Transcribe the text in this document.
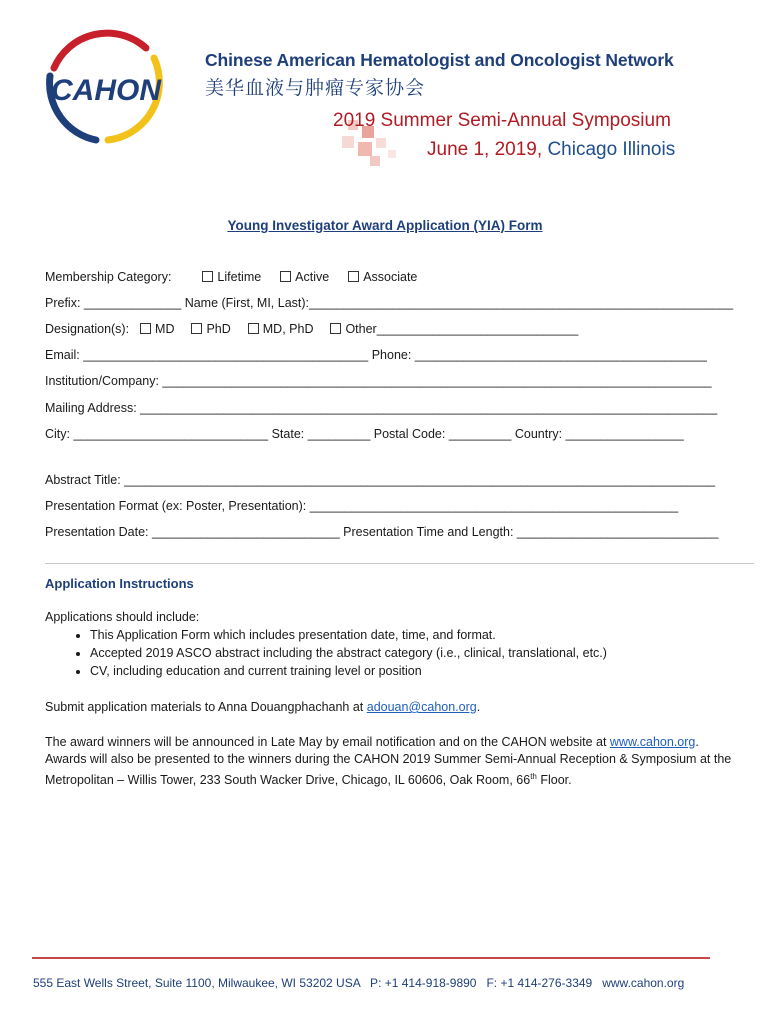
CAHON
Chinese American Hematologist and Oncologist Network
美华血液与肿瘤专家协会
2019 Summer Semi-Annual Symposium
June 1, 2019, Chicago Illinois
Young Investigator Award Application (YIA) Form
Membership Category:	Lifetime	Active	Associate
Prefix: ______________ Name (First, MI, Last):_____________________________________________________________
Designation(s): MD	PhD	MD, PhD	Other_____________________________
Email: _________________________________________ Phone: __________________________________________
Institution/Company: _______________________________________________________________________________
Mailing Address: ___________________________________________________________________________________
City: ____________________________ State: _________ Postal Code: _________ Country: _________________
Abstract Title: _____________________________________________________________________________________
Presentation Format (ex: Poster, Presentation): _____________________________________________________
Presentation Date: ___________________________ Presentation Time and Length: _____________________________
Application Instructions
Applications should include:
• This Application Form which includes presentation date, time, and format.
• Accepted 2019 ASCO abstract including the abstract category (i.e., clinical, translational, etc.)
• CV, including education and current training level or position
Submit application materials to Anna Douangphachanh at adouan@cahon.org.
The award winners will be announced in Late May by email notification and on the CAHON website at www.cahon.org. Awards will also be presented to the winners during the CAHON 2019 Summer Semi-Annual Reception & Symposium at the Metropolitan – Willis Tower, 233 South Wacker Drive, Chicago, IL 60606, Oak Room, 66th Floor.
555 East Wells Street, Suite 1100, Milwaukee, WI 53202 USA   P: +1 414-918-9890   F: +1 414-276-3349   www.cahon.org
